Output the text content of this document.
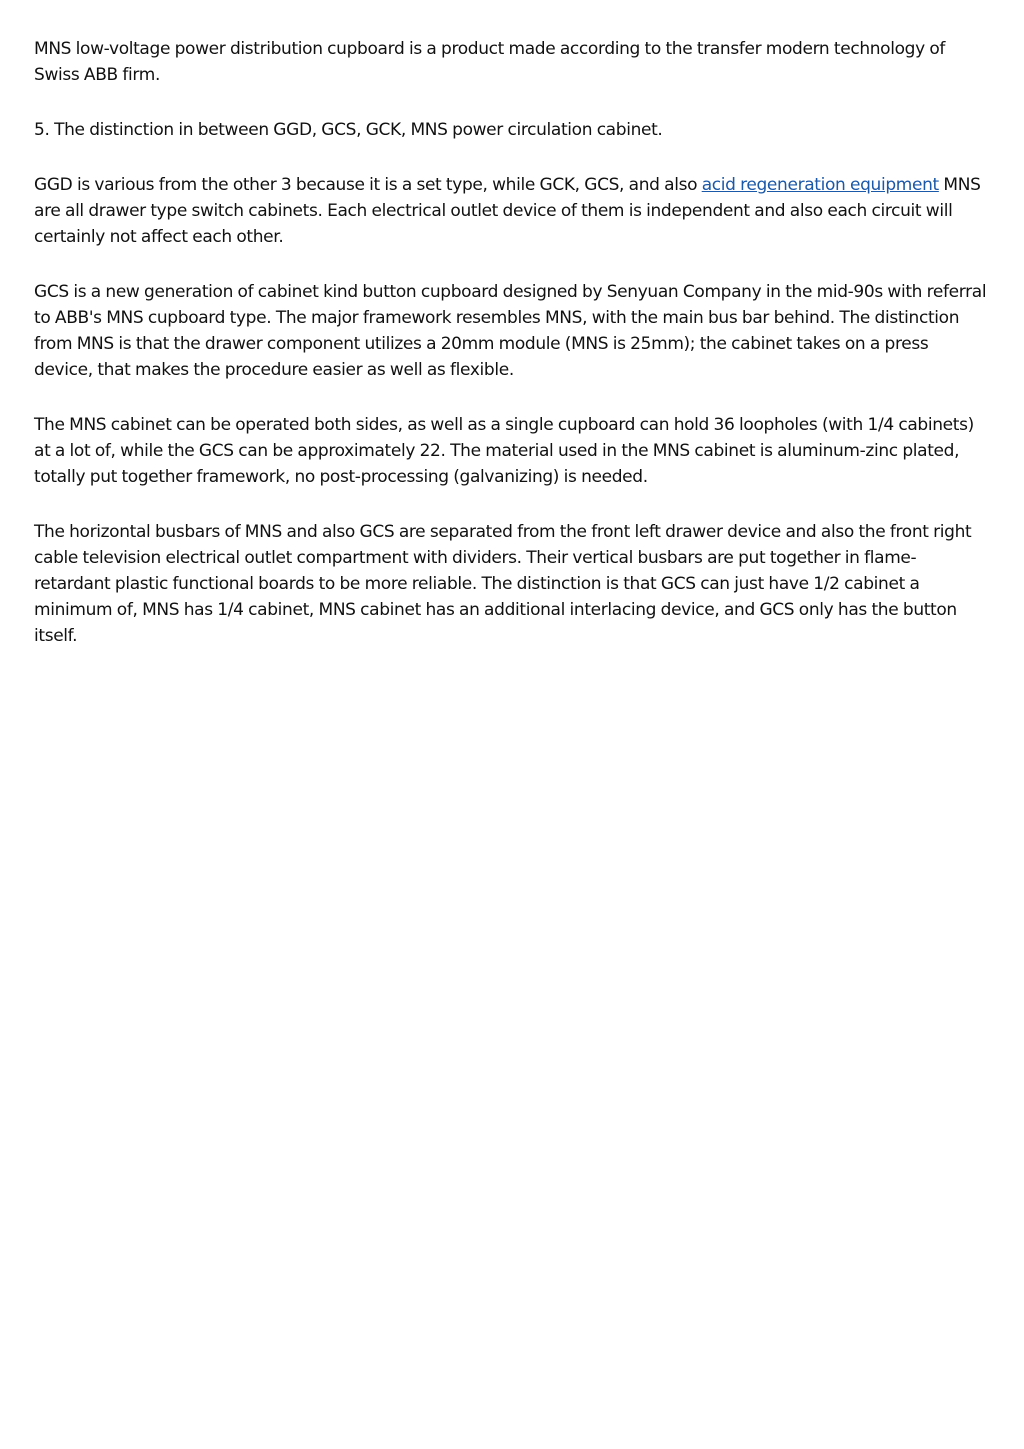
MNS low-voltage power distribution cupboard is a product made according to the transfer modern technology of Swiss ABB firm.

5. The distinction in between GGD, GCS, GCK, MNS power circulation cabinet.

GGD is various from the other 3 because it is a set type, while GCK, GCS, and also acid regeneration equipment MNS are all drawer type switch cabinets. Each electrical outlet device of them is independent and also each circuit will certainly not affect each other.

GCS is a new generation of cabinet kind button cupboard designed by Senyuan Company in the mid-90s with referral to ABB's MNS cupboard type. The major framework resembles MNS, with the main bus bar behind. The distinction from MNS is that the drawer component utilizes a 20mm module (MNS is 25mm); the cabinet takes on a press device, that makes the procedure easier as well as flexible.

The MNS cabinet can be operated both sides, as well as a single cupboard can hold 36 loopholes (with 1/4 cabinets) at a lot of, while the GCS can be approximately 22. The material used in the MNS cabinet is aluminum-zinc plated, totally put together framework, no post-processing (galvanizing) is needed.

The horizontal busbars of MNS and also GCS are separated from the front left drawer device and also the front right cable television electrical outlet compartment with dividers. Their vertical busbars are put together in flame-retardant plastic functional boards to be more reliable. The distinction is that GCS can just have 1/2 cabinet a minimum of, MNS has 1/4 cabinet, MNS cabinet has an additional interlacing device, and GCS only has the button itself.
